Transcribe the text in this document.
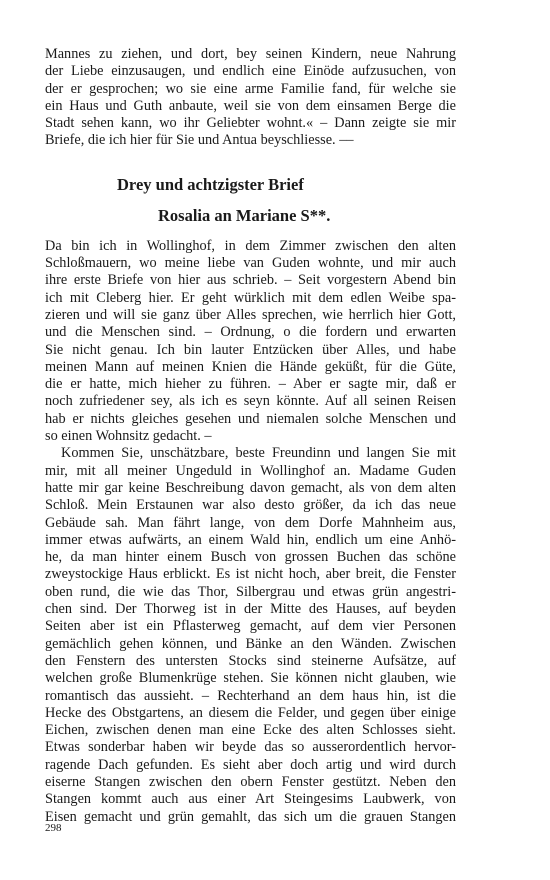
Mannes zu ziehen, und dort, bey seinen Kindern, neue Nahrung
der Liebe einzusaugen, und endlich eine Einöde aufzusuchen, von
der er gesprochen; wo sie eine arme Familie fand, für welche sie
ein Haus und Guth anbaute, weil sie von dem einsamen Berge die
Stadt sehen kann, wo ihr Geliebter wohnt.« – Dann zeigte sie mir
Briefe, die ich hier für Sie und Antua beyschliesse. ––
Drey und achtzigster Brief
Rosalia an Mariane S**.
Da bin ich in Wollinghof, in dem Zimmer zwischen den alten
Schloßmauern, wo meine liebe van Guden wohnte, und mir auch
ihre erste Briefe von hier aus schrieb. – Seit vorgestern Abend bin
ich mit Cleberg hier. Er geht würklich mit dem edlen Weibe spa-
zieren und will sie ganz über Alles sprechen, wie herrlich hier Gott,
und die Menschen sind. – Ordnung, o die fordern und erwarten
Sie nicht genau. Ich bin lauter Entzücken über Alles, und habe
meinen Mann auf meinen Knien die Hände geküßt, für die Güte,
die er hatte, mich hieher zu führen. – Aber er sagte mir, daß er
noch zufriedener sey, als ich es seyn könnte. Auf all seinen Reisen
hab er nichts gleiches gesehen und niemalen solche Menschen und
so einen Wohnsitz gedacht. –
Kommen Sie, unschätzbare, beste Freundinn und langen Sie mit
mir, mit all meiner Ungeduld in Wollinghof an. Madame Guden
hatte mir gar keine Beschreibung davon gemacht, als von dem alten
Schloß. Mein Erstaunen war also desto größer, da ich das neue
Gebäude sah. Man fährt lange, von dem Dorfe Mahnheim aus,
immer etwas aufwärts, an einem Wald hin, endlich um eine Anhö-
he, da man hinter einem Busch von grossen Buchen das schöne
zweystockige Haus erblickt. Es ist nicht hoch, aber breit, die Fenster
oben rund, die wie das Thor, Silbergrau und etwas grün angestri-
chen sind. Der Thorweg ist in der Mitte des Hauses, auf beyden
Seiten aber ist ein Pflasterweg gemacht, auf dem vier Personen
gemächlich gehen können, und Bänke an den Wänden. Zwischen
den Fenstern des untersten Stocks sind steinerne Aufsätze, auf
welchen große Blumenkrüge stehen. Sie können nicht glauben, wie
romantisch das aussieht. – Rechterhand an dem haus hin, ist die
Hecke des Obstgartens, an diesem die Felder, und gegen über einige
Eichen, zwischen denen man eine Ecke des alten Schlosses sieht.
Etwas sonderbar haben wir beyde das so ausserordentlich hervor-
ragende Dach gefunden. Es sieht aber doch artig und wird durch
eiserne Stangen zwischen den obern Fenster gestützt. Neben den
Stangen kommt auch aus einer Art Steingesims Laubwerk, von
Eisen gemacht und grün gemahlt, das sich um die grauen Stangen
298
